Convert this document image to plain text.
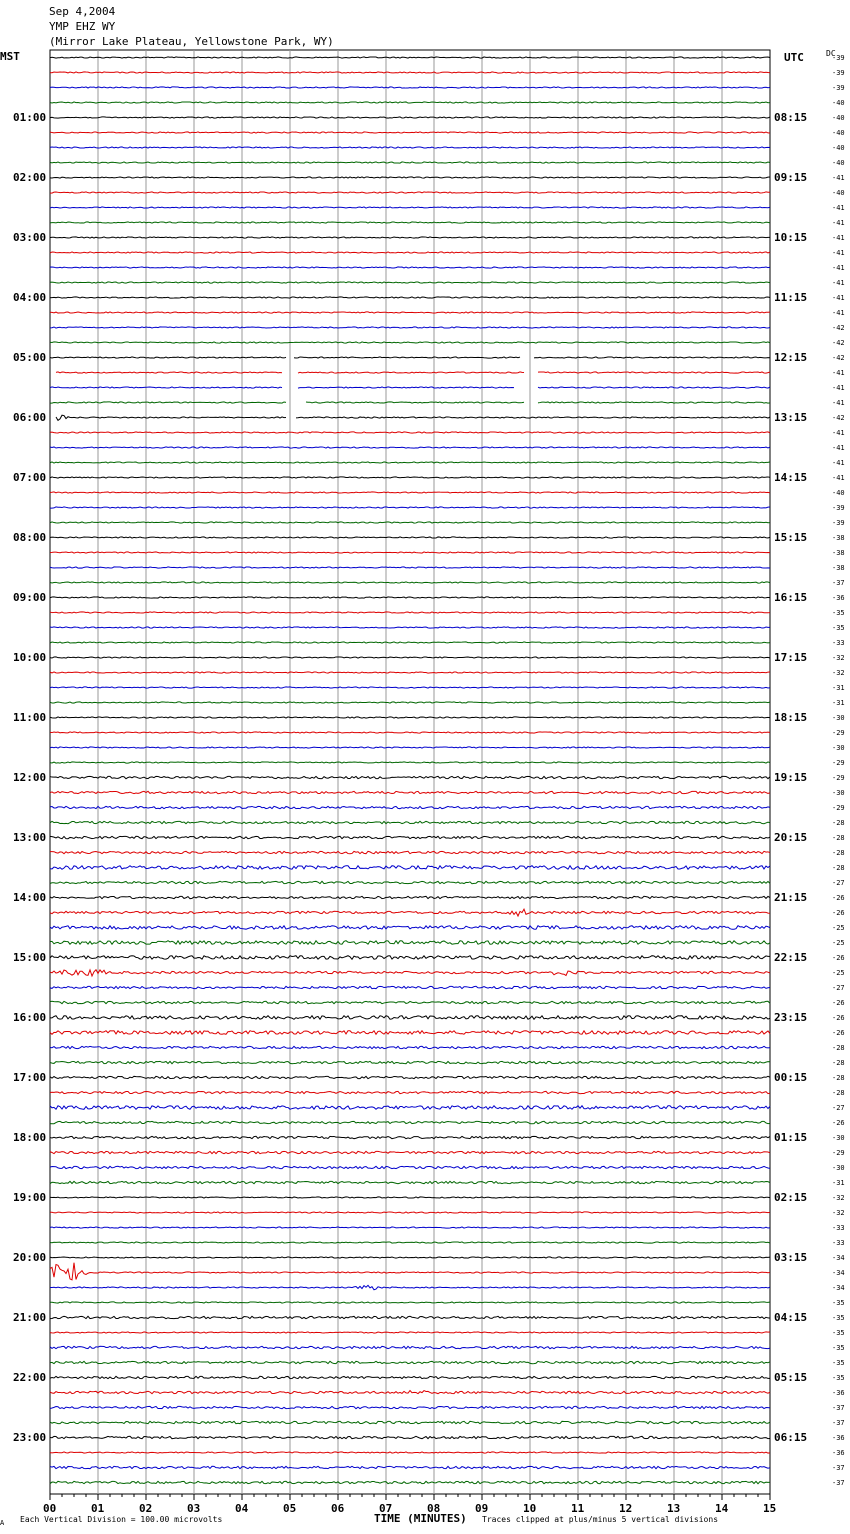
Sep 4,2004
YMP EHZ WY
(Mirror Lake Plateau, Yellowstone Park, WY)
MST	UTC	DC
01:00
02:00
03:00
04:00
05:00
06:00
07:00
08:00
09:00
10:00
11:00
12:00
13:00
14:00
15:00
16:00
17:00
18:00
19:00
20:00
21:00
22:00
23:00
08:15
09:15
10:15
11:15
12:15
13:15
14:15
15:15
16:15
17:15
18:15
19:15
20:15
21:15
22:15
23:15
00:15
01:15
02:15
03:15
04:15
05:15
06:15
-39
-39
-39
-40
-40
-40
-40
-40
-41
-40
-41
-41
-41
-41
-41
-41
-41
-41
-42
-42
-42
-41
-41
-41
-42
-41
-41
-41
-41
-40
-39
-39
-38
-38
-38
-37
-36
-35
-35
-33
-32
-32
-31
-31
-30
-29
-30
-29
-29
-30
-29
-28
-28
-28
-28
-27
-26
-26
-25
-25
-26
-25
-27
-26
-26
-26
-28
-28
-28
-28
-27
-26
-30
-29
-30
-31
-32
-32
-33
-33
-34
-34
-34
-35
-35
-35
-35
-35
-35
-36
-37
-37
-36
-36
-37
-37
00	01	02	03	04	05	06	07	08	09	10	11	12	13	14	15
TIME (MINUTES)
A Each Vertical Division = 100.00 microvolts	Traces clipped at plus/minus 5 vertical divisions
